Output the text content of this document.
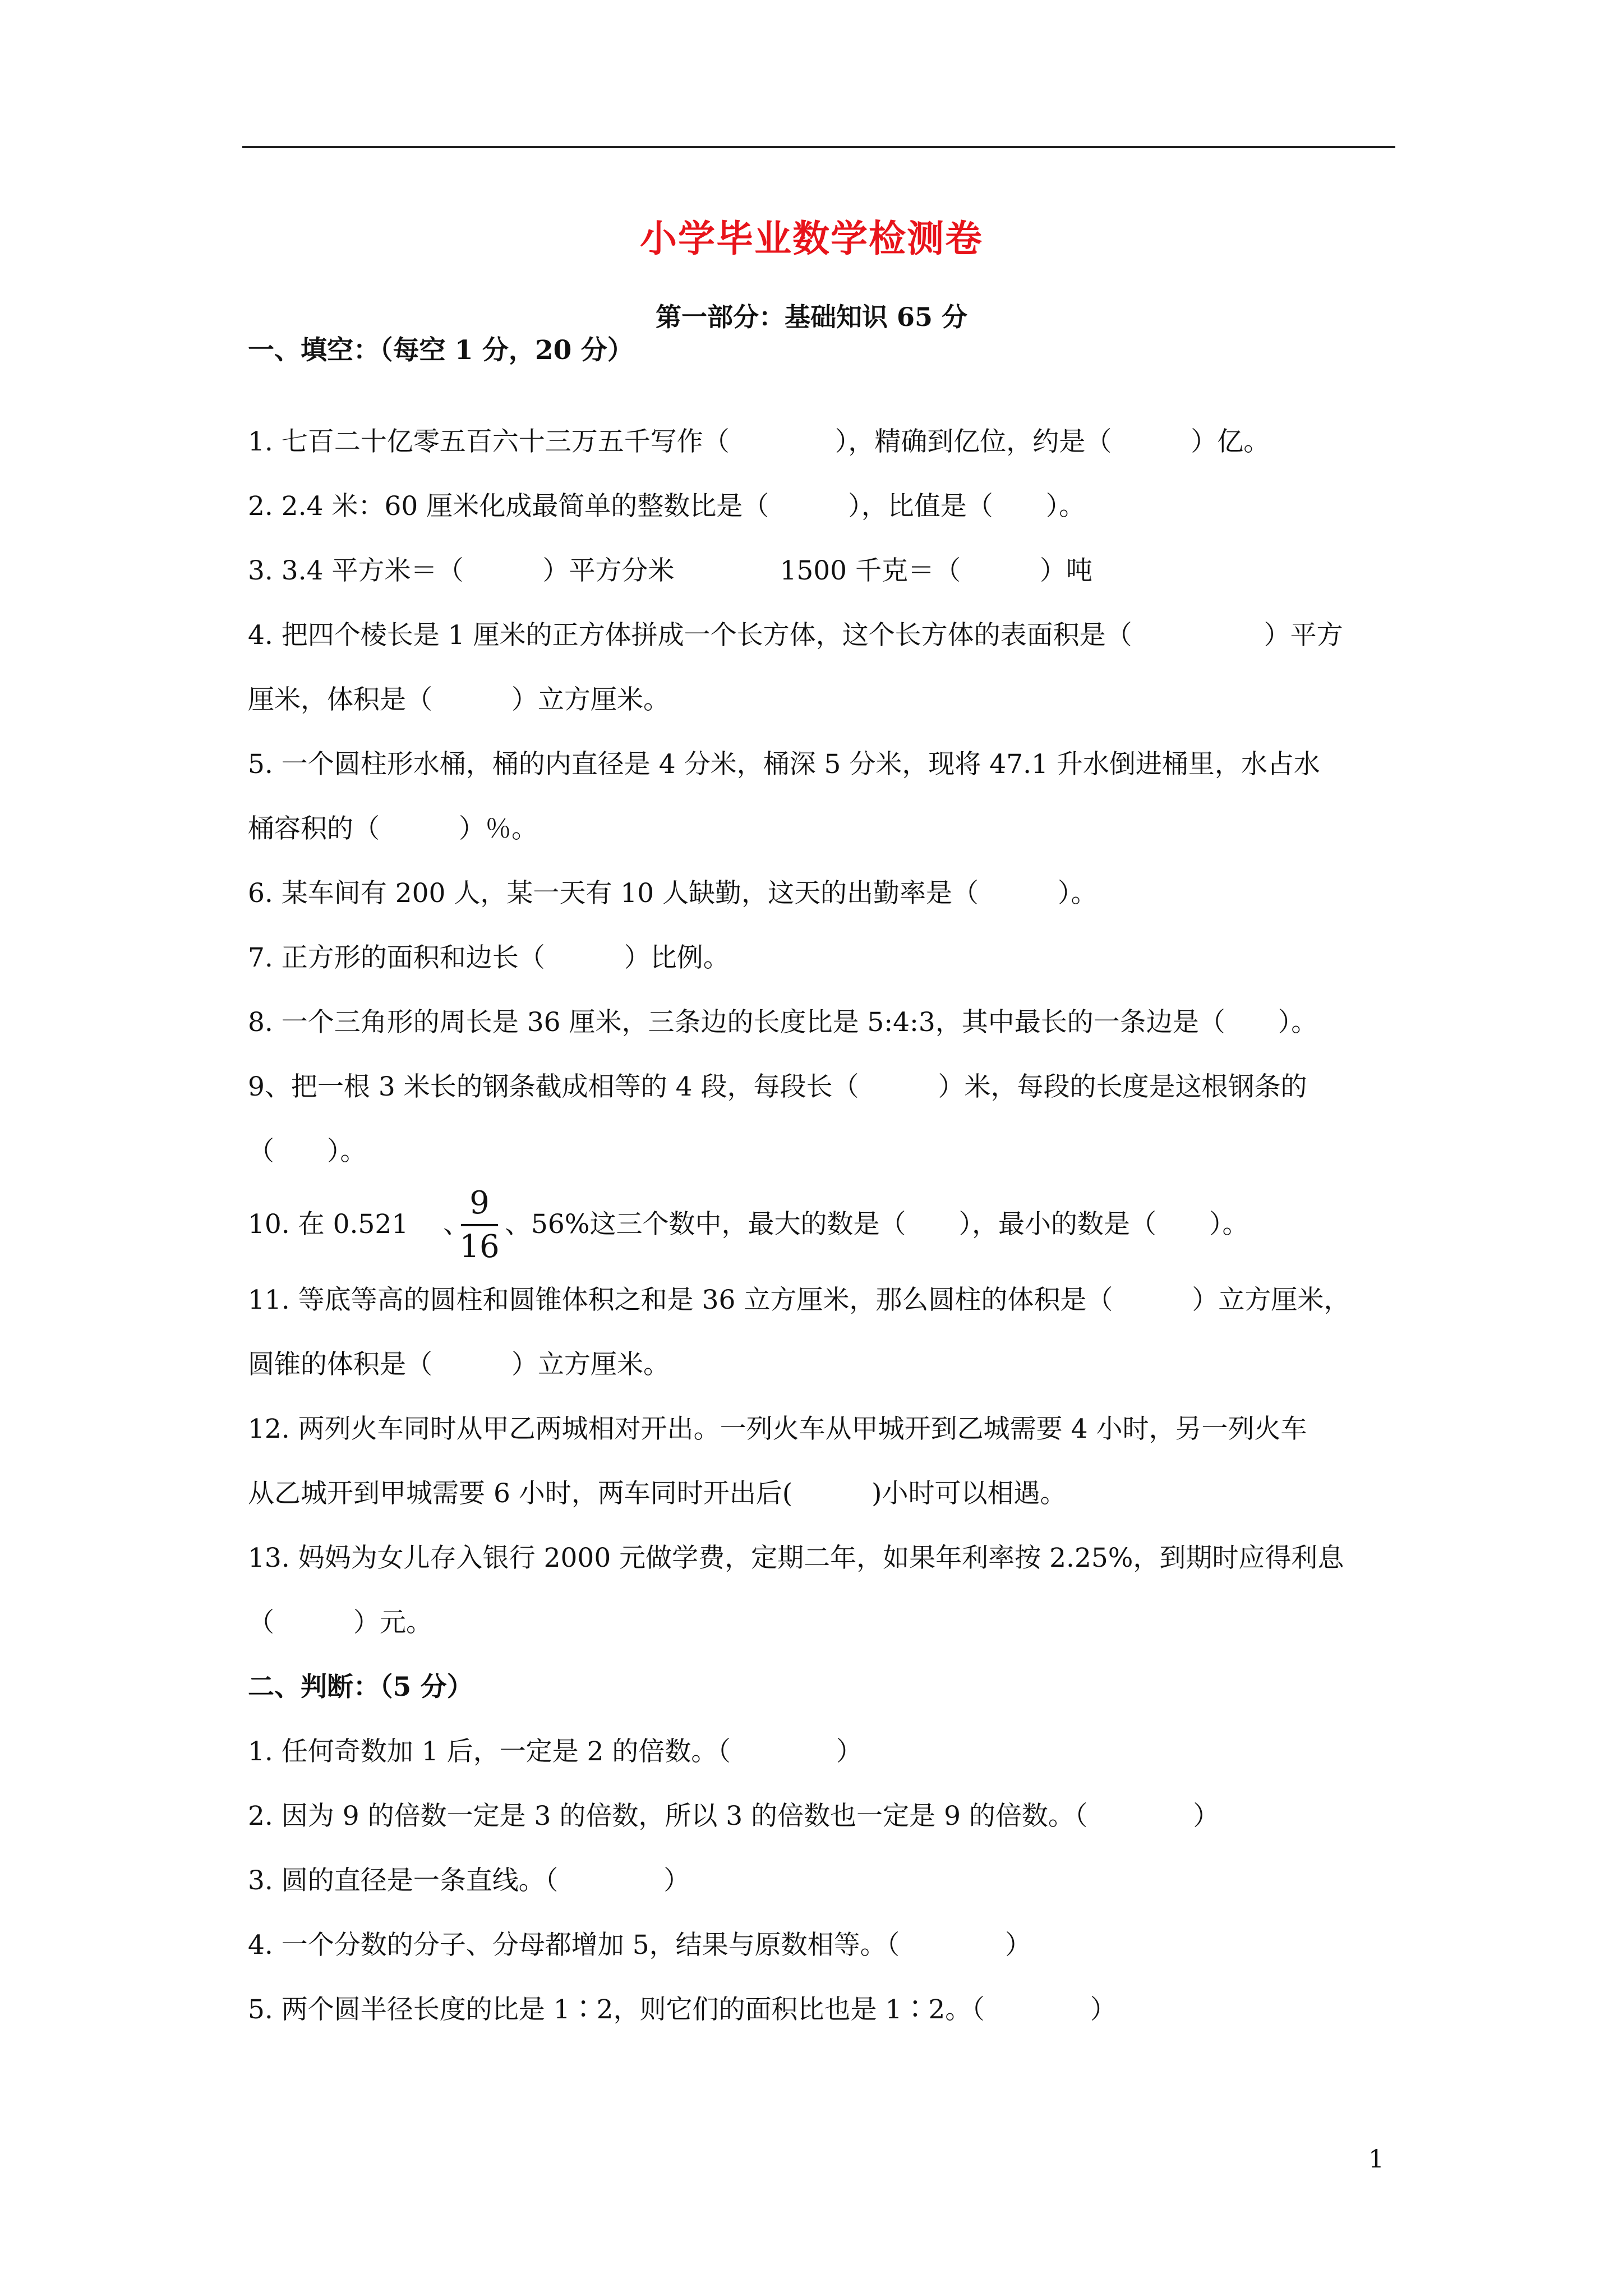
小学毕业数学检测卷
第一部分：基础知识 65 分
一、填空：（每空 1 分，20 分）
1. 七百二十亿零五百六十三万五千写作（　　　　），精确到亿位，约是（　　　）亿。
2. 2.4 米：60 厘米化成最简单的整数比是（　　　），比值是（　　）。
3. 3.4 平方米＝（　　　）平方分米　　　　1500 千克＝（　　　）吨
4. 把四个棱长是 1 厘米的正方体拼成一个长方体，这个长方体的表面积是（　　　　　）平方
厘米，体积是（　　　）立方厘米。
5. 一个圆柱形水桶，桶的内直径是 4 分米，桶深 5 分米，现将 47.1 升水倒进桶里，水占水
桶容积的（　　　）％。
6. 某车间有 200 人，某一天有 10 人缺勤，这天的出勤率是（　　　）。
7. 正方形的面积和边长（　　　）比例。
8. 一个三角形的周长是 36 厘米，三条边的长度比是 5:4:3，其中最长的一条边是（　　）。
9、把一根 3 米长的钢条截成相等的 4 段，每段长（　　　）米，每段的长度是这根钢条的
（　　）。
10. 在 0.521 　、
9
16
、56%这三个数中，最大的数是（　　），最小的数是（　　）。
11. 等底等高的圆柱和圆锥体积之和是 36 立方厘米，那么圆柱的体积是（　　　）立方厘米，
圆锥的体积是（　　　）立方厘米。
12. 两列火车同时从甲乙两城相对开出。一列火车从甲城开到乙城需要 4 小时，另一列火车
从乙城开到甲城需要 6 小时，两车同时开出后(　　　)小时可以相遇。
13. 妈妈为女儿存入银行 2000 元做学费，定期二年，如果年利率按 2.25%，到期时应得利息
（　　　）元。
二、判断：（5 分）
1. 任何奇数加 1 后，一定是 2 的倍数。（　　　　）
2. 因为 9 的倍数一定是 3 的倍数，所以 3 的倍数也一定是 9 的倍数。（　　　　）
3. 圆的直径是一条直线。（　　　　）
4. 一个分数的分子、分母都增加 5，结果与原数相等。（　　　　）
5. 两个圆半径长度的比是 1∶2，则它们的面积比也是 1∶2。（　　　　）
1
